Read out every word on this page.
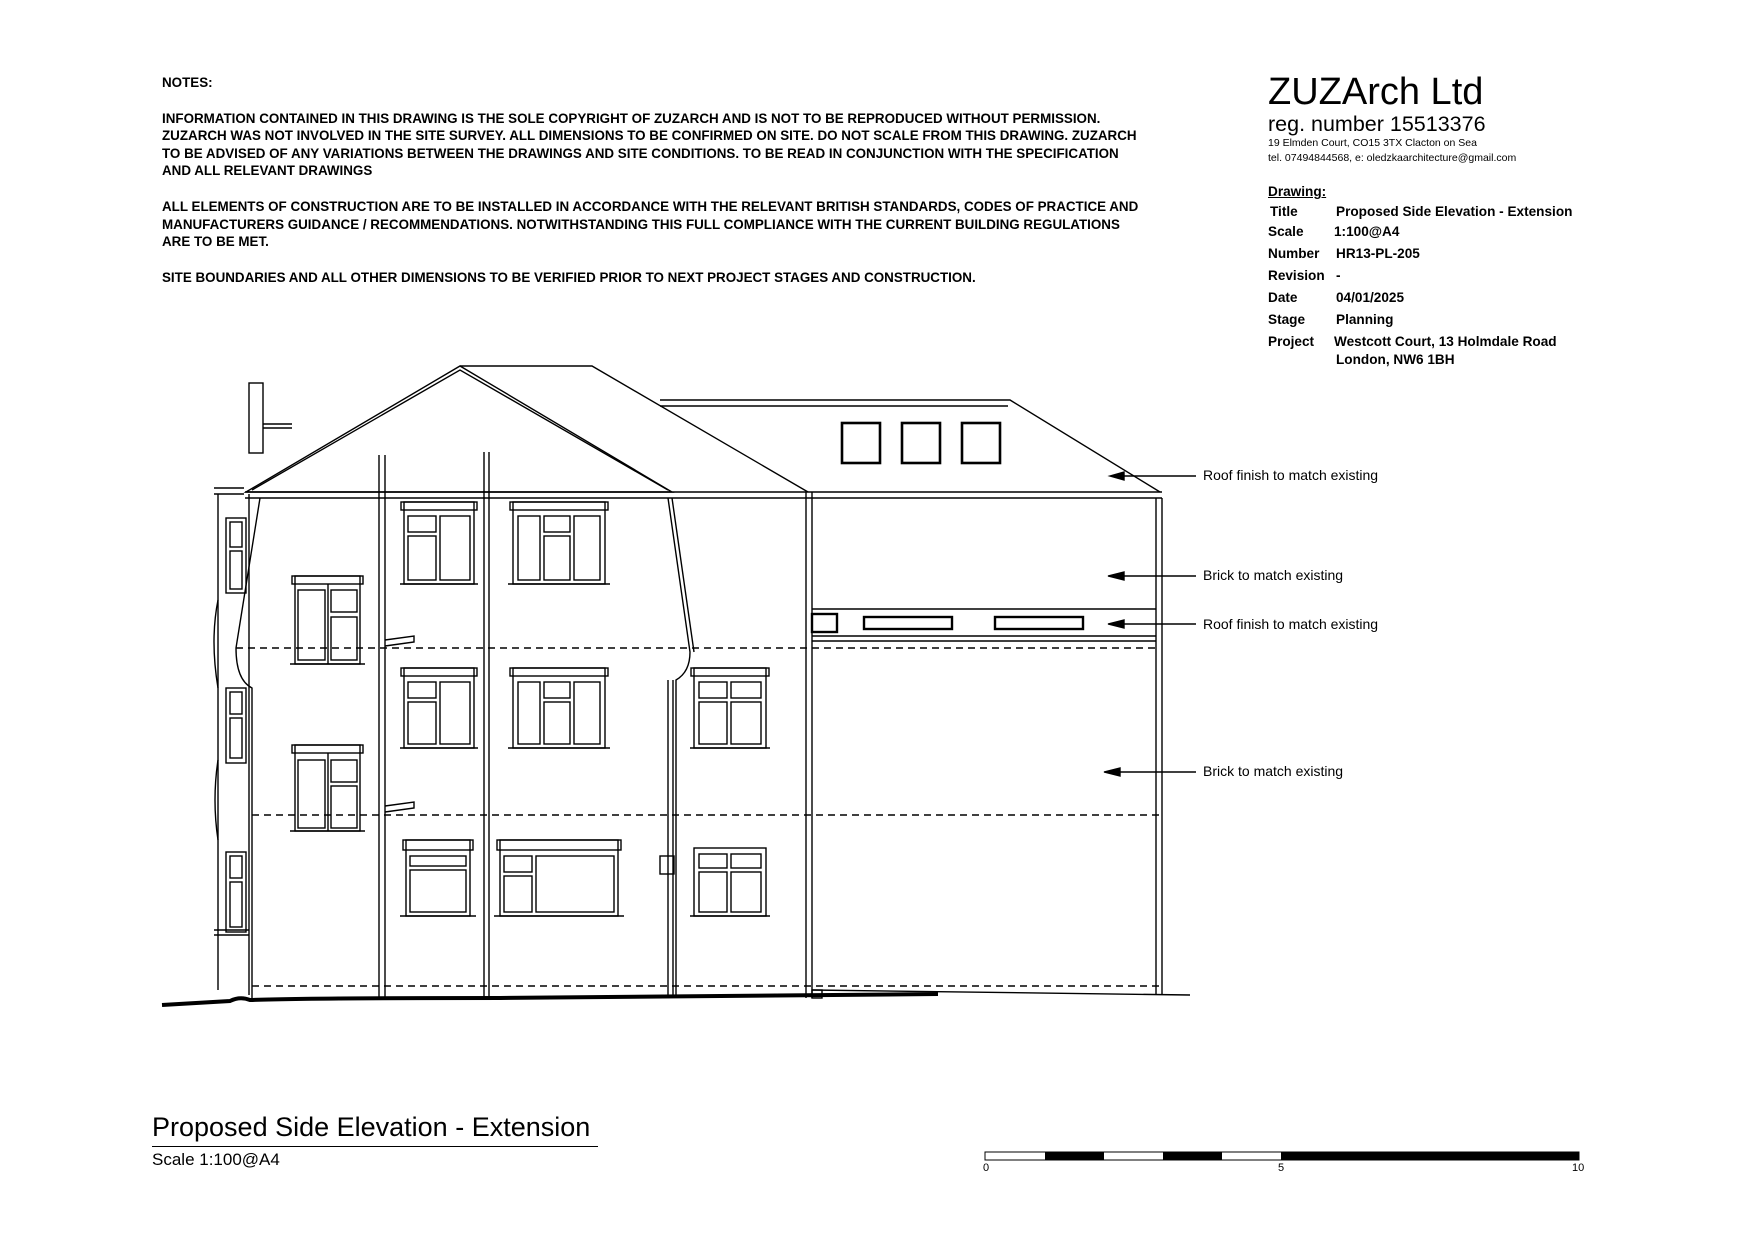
NOTES:

INFORMATION CONTAINED IN THIS DRAWING IS THE SOLE COPYRIGHT OF ZUZARCH AND IS NOT TO BE REPRODUCED WITHOUT PERMISSION. ZUZARCH WAS NOT INVOLVED IN THE SITE SURVEY. ALL DIMENSIONS TO BE CONFIRMED ON SITE. DO NOT SCALE FROM THIS DRAWING. ZUZARCH TO BE ADVISED OF ANY VARIATIONS BETWEEN THE DRAWINGS AND SITE CONDITIONS. TO BE READ IN CONJUNCTION WITH THE SPECIFICATION AND ALL RELEVANT DRAWINGS

ALL ELEMENTS OF CONSTRUCTION ARE TO BE INSTALLED IN ACCORDANCE WITH THE RELEVANT BRITISH STANDARDS, CODES OF PRACTICE AND MANUFACTURERS GUIDANCE / RECOMMENDATIONS. NOTWITHSTANDING THIS FULL COMPLIANCE WITH THE CURRENT BUILDING REGULATIONS ARE TO BE MET.

SITE BOUNDARIES AND ALL OTHER DIMENSIONS TO BE VERIFIED PRIOR TO NEXT PROJECT STAGES AND CONSTRUCTION.

ZUZArch Ltd
reg. number 15513376
19 Elmden Court, CO15 3TX Clacton on Sea
tel. 07494844568, e: oledzkaarchitecture@gmail.com
Drawing:
Title	Proposed Side Elevation - Extension
Scale 1:100@A4
Number HR13-PL-205
Revision -
Date	04/01/2025
Stage Planning
Project Westcott Court, 13 Holmdale Road
London, NW6 1BH
Roof finish to match existing
Brick to match existing
Roof finish to match existing
Brick to match existing
Proposed Side Elevation - Extension
Scale 1:100@A4	0	5	10
